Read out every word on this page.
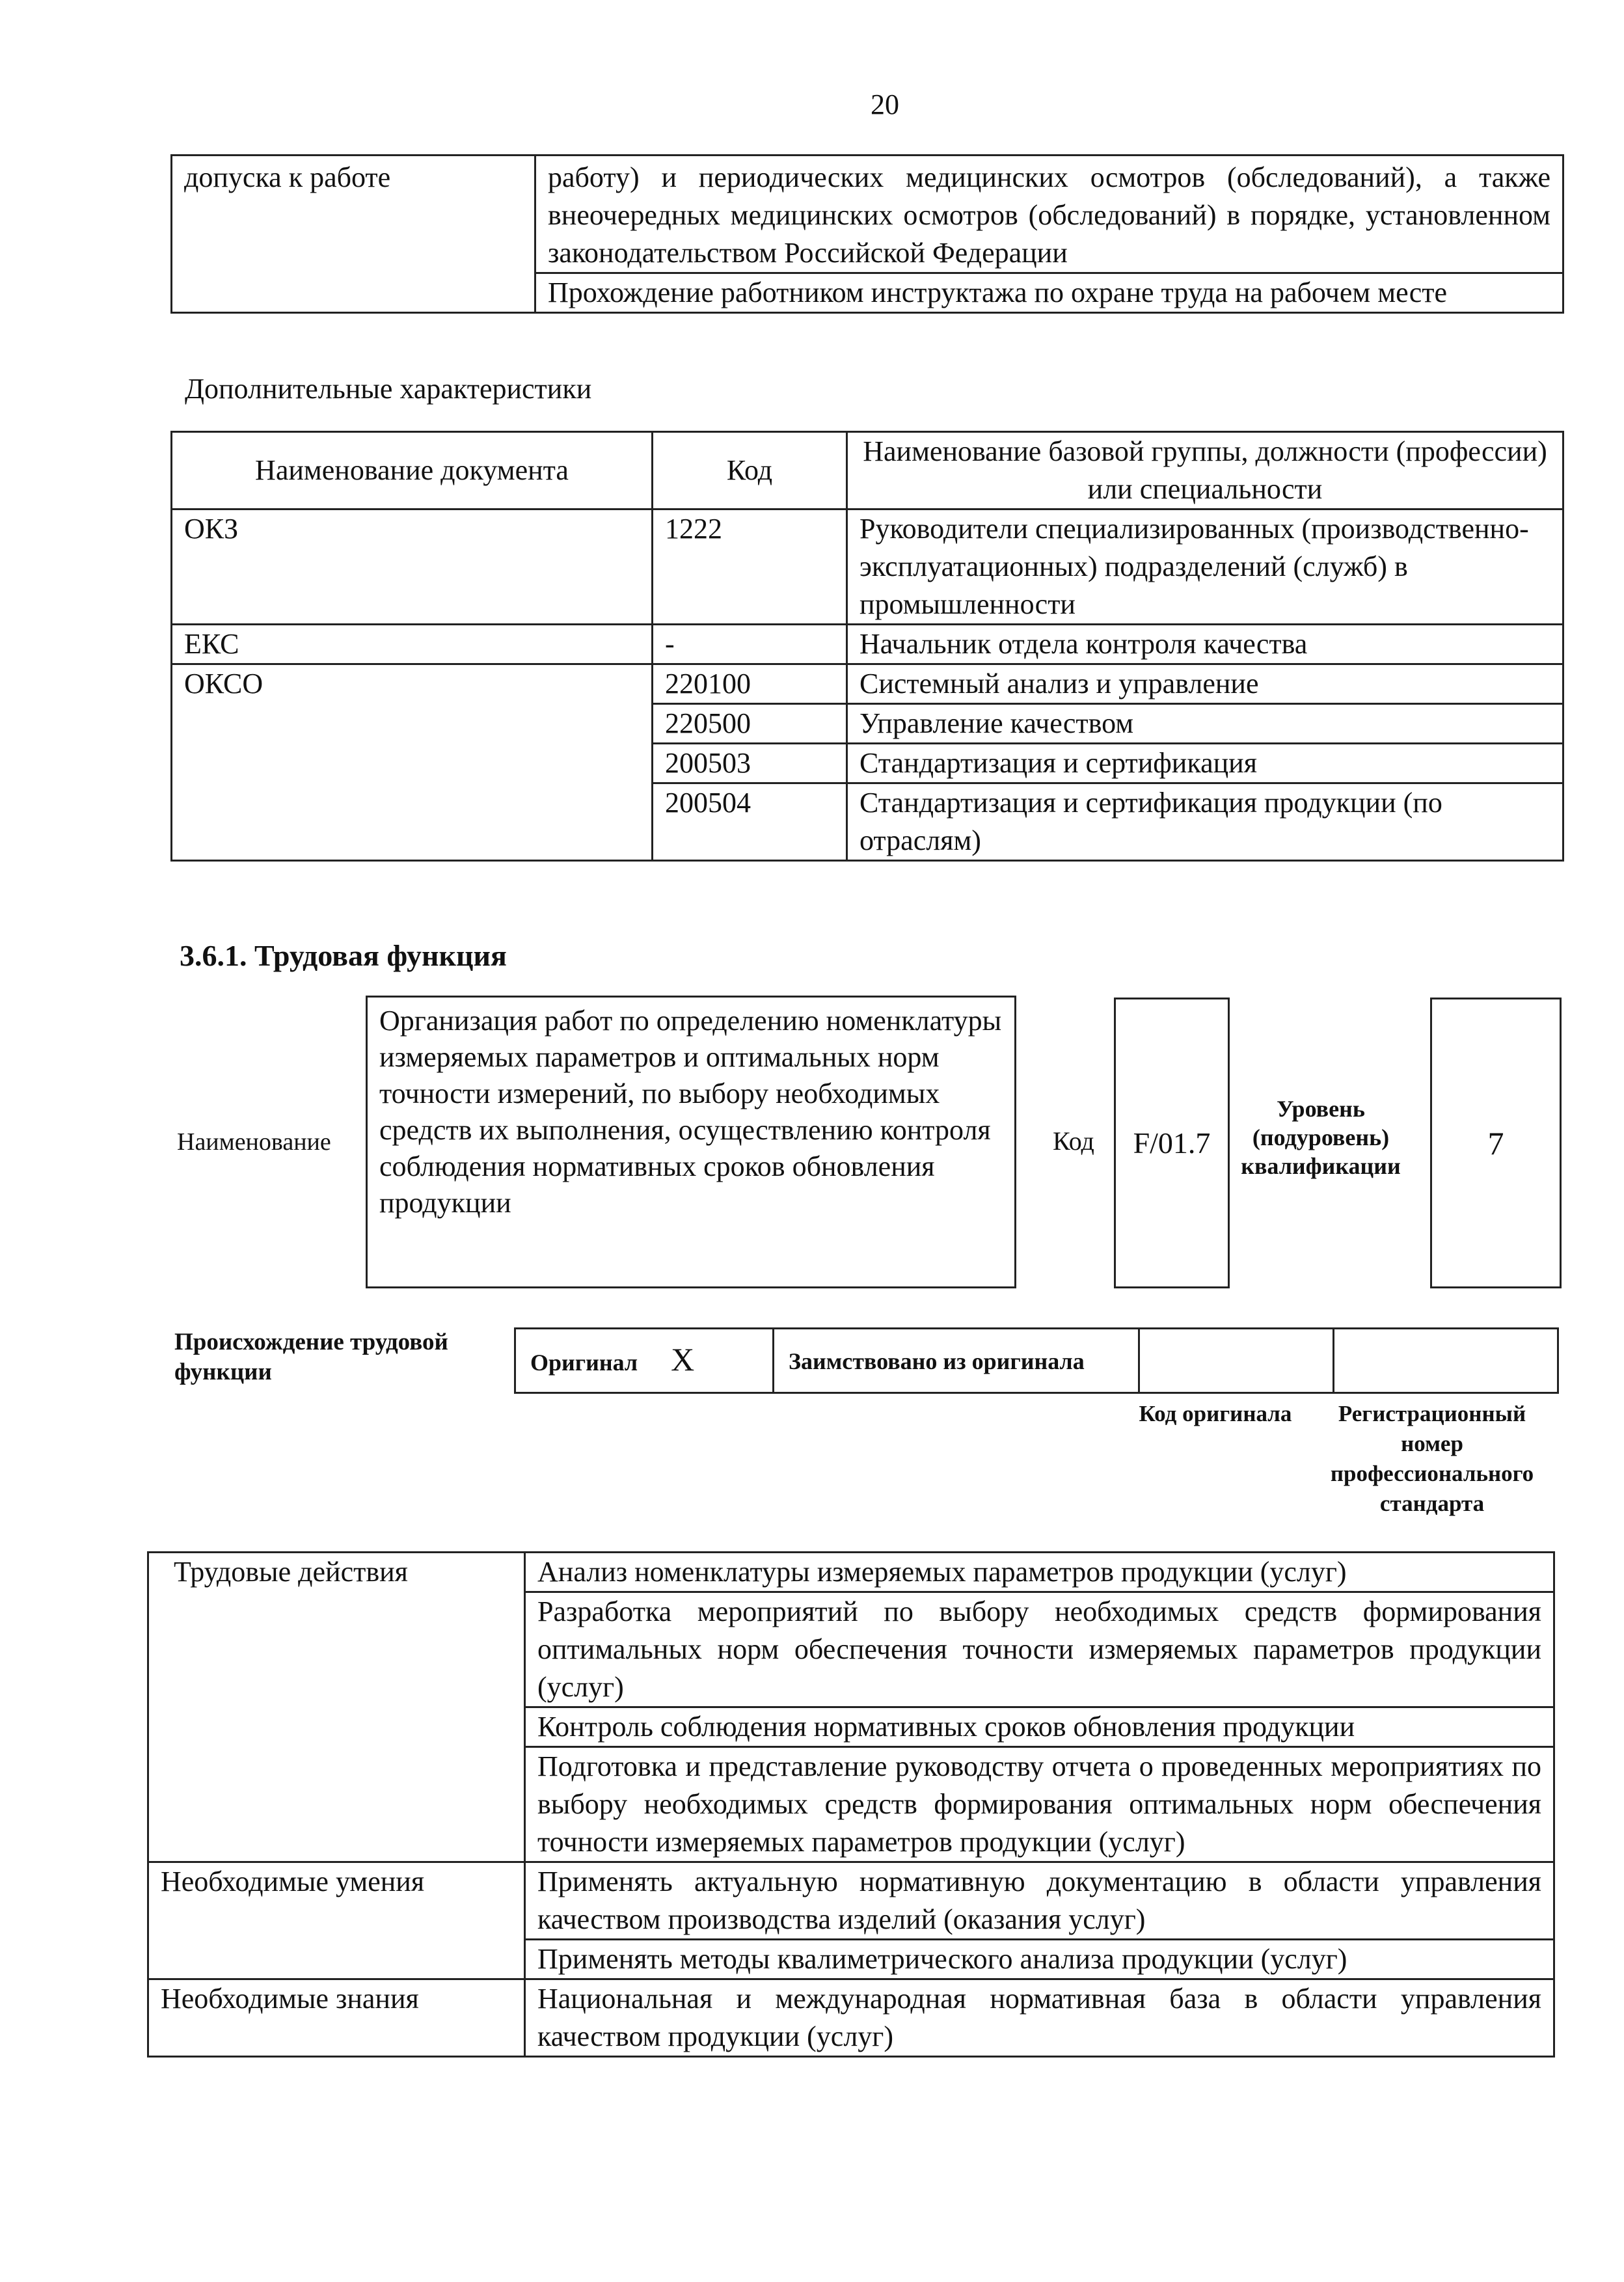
20
допуска к работе	работу) и периодических медицинских осмотров (обследований), а также внеочередных медицинских осмотров (обследований) в порядке, установленном законодательством Российской Федерации
Прохождение работником инструктажа по охране труда на рабочем месте
Дополнительные характеристики
Наименование документа	Код	Наименование базовой группы, должности (профессии) или специальности
ОКЗ	1222	Руководители специализированных (производственно-эксплуатационных) подразделений (служб) в промышленности
ЕКС	-	Начальник отдела контроля качества
ОКСО	220100	Системный анализ и управление
	220500	Управление качеством
	200503	Стандартизация и сертификация
	200504	Стандартизация и сертификация продукции (по отраслям)
3.6.1. Трудовая функция
Наименование
Организация работ по определению номенклатуры измеряемых параметров и оптимальных норм точности измерений, по выбору необходимых средств их выполнения, осуществлению контроля соблюдения нормативных сроков обновления продукции
Код F/01.7
Уровень (подуровень) квалификации
7
Происхождение трудовой функции	Оригинал X	Заимствовано из оригинала		
Код оригинала	Регистрационный номер профессионального стандарта
Трудовые действия	Анализ номенклатуры измеряемых параметров продукции (услуг)
	Разработка мероприятий по выбору необходимых средств формирования оптимальных норм обеспечения точности измеряемых параметров продукции (услуг)
	Контроль соблюдения нормативных сроков обновления продукции
	Подготовка и представление руководству отчета о проведенных мероприятиях по выбору необходимых средств формирования оптимальных норм обеспечения точности измеряемых параметров продукции (услуг)
Необходимые умения	Применять актуальную нормативную документацию в области управления качеством производства изделий (оказания услуг)
	Применять методы квалиметрического анализа продукции (услуг)
Необходимые знания	Национальная и международная нормативная база в области управления качеством продукции (услуг)
